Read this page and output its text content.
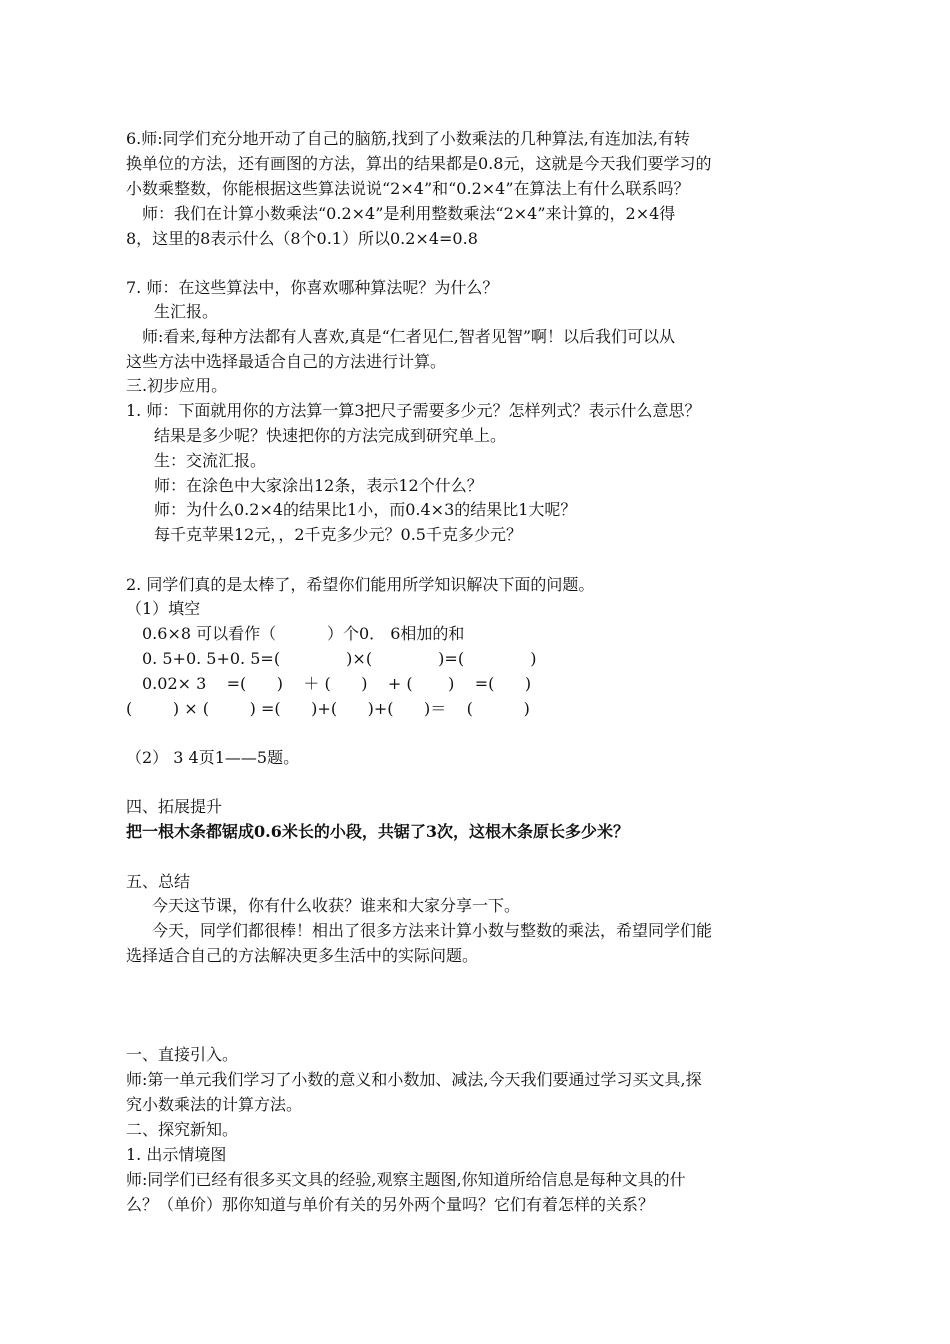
6.师:同学们充分地开动了自己的脑筋,找到了小数乘法的几种算法,有连加法,有转
换单位的方法，还有画图的方法，算出的结果都是0.8元，这就是今天我们要学习的
小数乘整数，你能根据这些算法说说“2×4”和“0.2×4”在算法上有什么联系吗？
师：我们在计算小数乘法“0.2×4”是利用整数乘法“2×4”来计算的，2×4得
8，这里的8表示什么（8个0.1）所以0.2×4=0.8
7. 师：在这些算法中，你喜欢哪种算法呢？为什么？
生汇报。
师:看来,每种方法都有人喜欢,真是“仁者见仁,智者见智”啊！以后我们可以从
这些方法中选择最适合自己的方法进行计算。
三.初步应用。
1. 师：下面就用你的方法算一算3把尺子需要多少元？怎样列式？表示什么意思？
结果是多少呢？快速把你的方法完成到研究单上。
生：交流汇报。
师：在涂色中大家涂出12条，表示12个什么？
师：为什么0.2×4的结果比1小，而0.4×3的结果比1大呢？
每千克苹果12元，，2千克多少元？0.5千克多少元？
2. 同学们真的是太棒了，希望你们能用所学知识解决下面的问题。
（1）填空
0.6×8 可以看作（          ）个0． 6相加的和
0. 5+0. 5+0. 5=(             )×(             )=(             )
0.02× 3    =(      )    ＋ (      )    + (       )    =(      )
(        ) × (        ) =(      )+(      )+(      )＝    (          )
（2） 3 4页1——5题。
四、拓展提升
把一根木条都锯成0.6米长的小段，共锯了3次，这根木条原长多少米？
五、总结
今天这节课，你有什么收获？谁来和大家分享一下。
今天，同学们都很棒！相出了很多方法来计算小数与整数的乘法，希望同学们能
选择适合自己的方法解决更多生活中的实际问题。
一、直接引入。
师:第一单元我们学习了小数的意义和小数加、减法,今天我们要通过学习买文具,探
究小数乘法的计算方法。
二、探究新知。
1. 出示情境图
师:同学们已经有很多买文具的经验,观察主题图,你知道所给信息是每种文具的什
么？（单价）那你知道与单价有关的另外两个量吗？它们有着怎样的关系？
